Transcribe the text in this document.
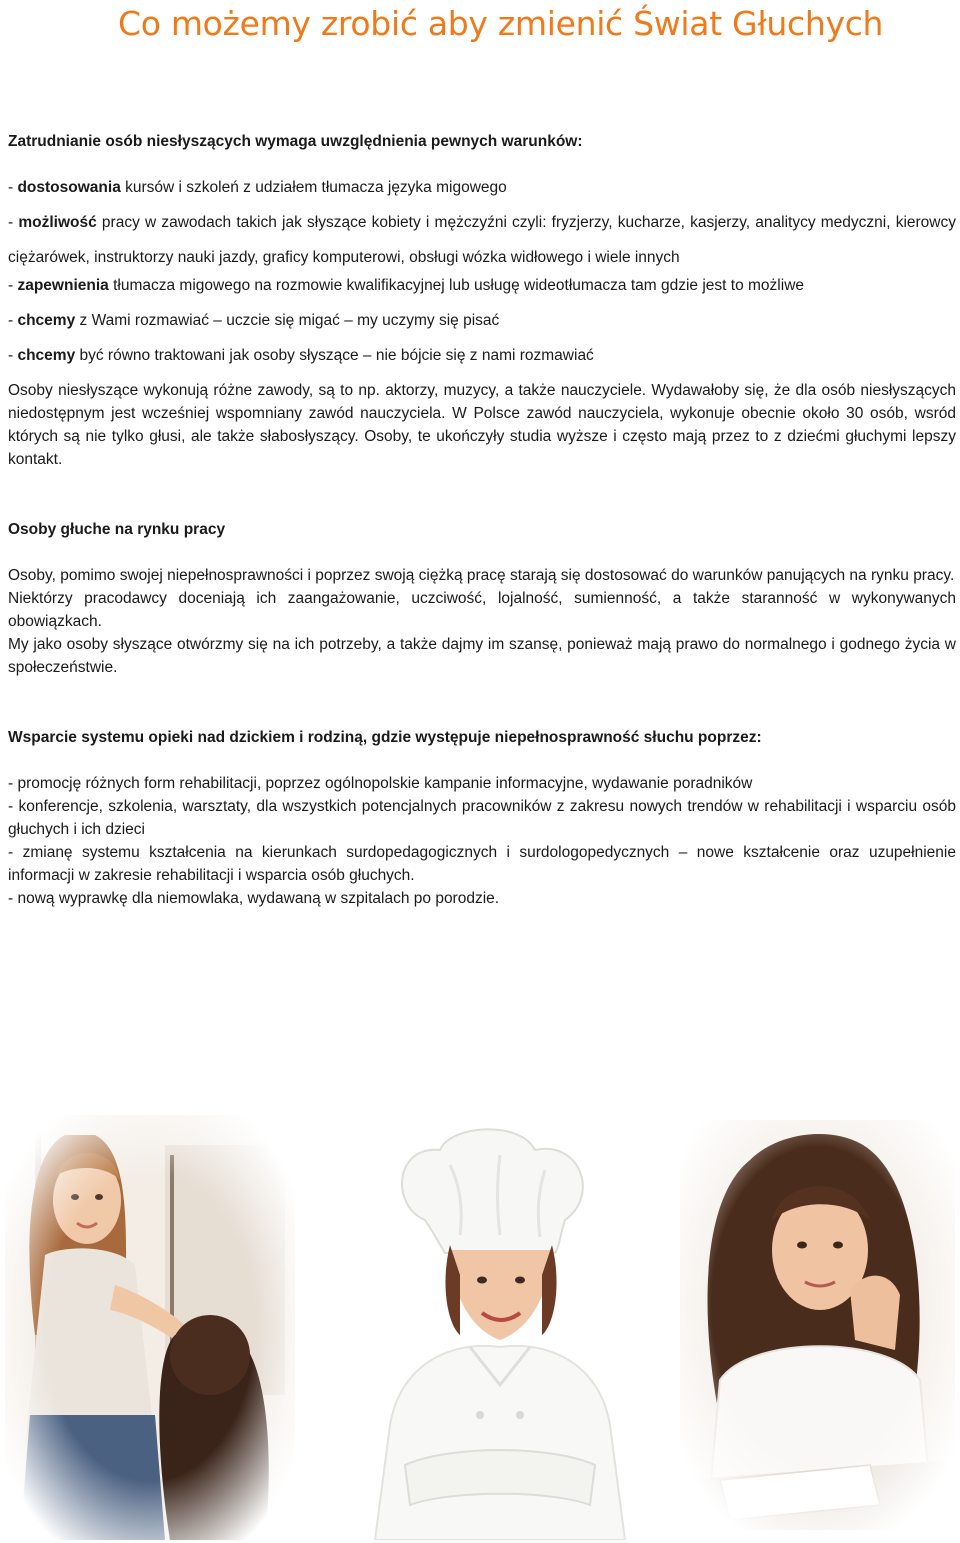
Co możemy zrobić aby zmienić Świat Głuchych

Zatrudnianie osób niesłyszących wymaga uwzględnienia pewnych warunków:

- dostosowania kursów i szkoleń z udziałem tłumacza języka migowego

- możliwość pracy w zawodach takich jak słyszące kobiety i mężczyźni czyli: fryzjerzy, kucharze, kasjerzy, analitycy medyczni, kierowcy ciężarówek, instruktorzy nauki jazdy, graficy komputerowi, obsługi wózka widłowego i wiele innych

- zapewnienia tłumacza migowego na rozmowie kwalifikacyjnej lub usługę wideotłumacza tam gdzie jest to możliwe

- chcemy z Wami rozmawiać – uczcie się migać – my uczymy się pisać

- chcemy być równo traktowani jak osoby słyszące – nie bójcie się z nami rozmawiać

Osoby niesłyszące wykonują różne zawody, są to np. aktorzy, muzycy, a także nauczyciele. Wydawałoby się, że dla osób niesłyszących niedostępnym jest wcześniej wspomniany zawód nauczyciela. W Polsce zawód nauczyciela, wykonuje obecnie około 30 osób, wsród których są nie tylko głusi, ale także słabosłyszący. Osoby, te ukończyły studia wyższe i często mają przez to z dziećmi głuchymi lepszy kontakt.

Osoby głuche na rynku pracy

Osoby, pomimo swojej niepełnosprawności i poprzez swoją ciężką pracę starają się dostosować do warunków panujących na rynku pracy.

Niektórzy pracodawcy doceniają ich zaangażowanie, uczciwość, lojalność, sumienność, a także staranność w wykonywanych obowiązkach.

My jako osoby słyszące otwórzmy się na ich potrzeby, a także dajmy im szansę, ponieważ mają prawo do normalnego i godnego życia w społeczeństwie.

Wsparcie systemu opieki nad dzickiem i rodziną, gdzie występuje niepełnosprawność słuchu poprzez:

- promocję różnych form rehabilitacji, poprzez ogólnopolskie kampanie informacyjne, wydawanie poradników

- konferencje, szkolenia, warsztaty, dla wszystkich potencjalnych pracowników z zakresu nowych trendów w rehabilitacji i wsparciu osób głuchych i ich dzieci

- zmianę systemu kształcenia na kierunkach surdopedagogicznych i surdologopedycznych – nowe kształcenie oraz uzupełnienie informacji w zakresie rehabilitacji i wsparcia osób głuchych.

- nową wyprawkę dla niemowlaka, wydawaną w szpitalach po porodzie.
